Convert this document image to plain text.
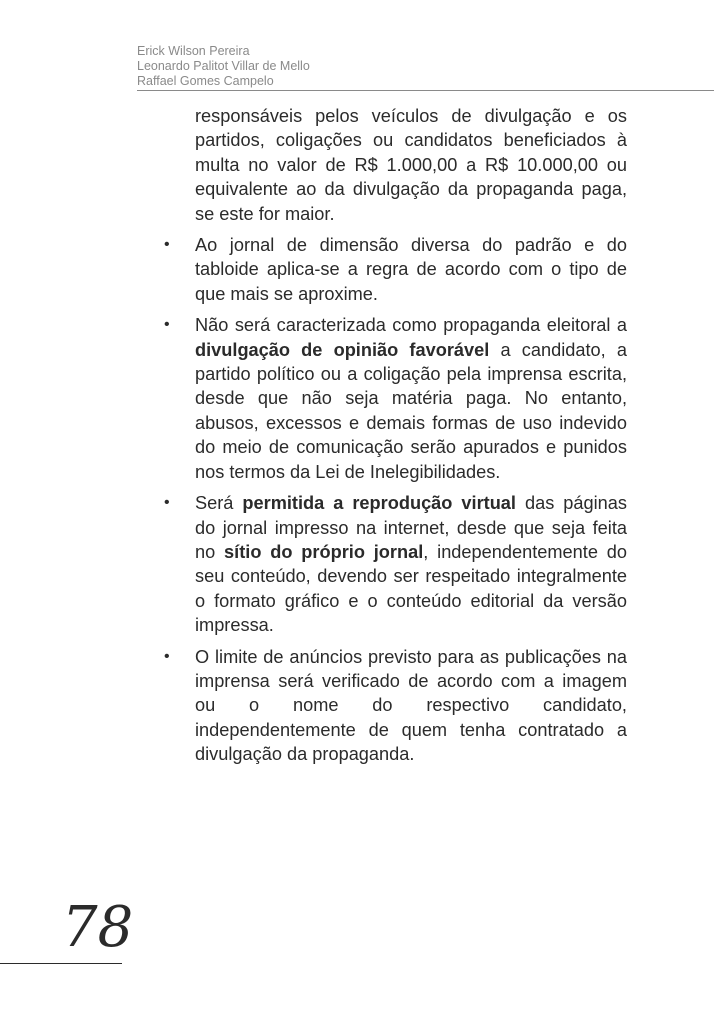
Erick Wilson Pereira
Leonardo Palitot Villar de Mello
Raffael Gomes Campelo

responsáveis pelos veículos de divulgação e os partidos, coligações ou candidatos beneficiados à multa no valor de R$ 1.000,00 a R$ 10.000,00 ou equivalente ao da divulgação da propaganda paga, se este for maior.

• Ao jornal de dimensão diversa do padrão e do tabloide aplica-se a regra de acordo com o tipo de que mais se aproxime.

• Não será caracterizada como propaganda eleitoral a divulgação de opinião favorável a candidato, a partido político ou a coligação pela imprensa escrita, desde que não seja matéria paga. No entanto, abusos, excessos e demais formas de uso indevido do meio de comunicação serão apurados e punidos nos termos da Lei de Inelegibilidades.

• Será permitida a reprodução virtual das páginas do jornal impresso na internet, desde que seja feita no sítio do próprio jornal, independentemente do seu conteúdo, devendo ser respeitado integralmente o formato gráfico e o conteúdo editorial da versão impressa.

• O limite de anúncios previsto para as publicações na imprensa será verificado de acordo com a imagem ou o nome do respectivo candidato, independentemente de quem tenha contratado a divulgação da propaganda.

78
